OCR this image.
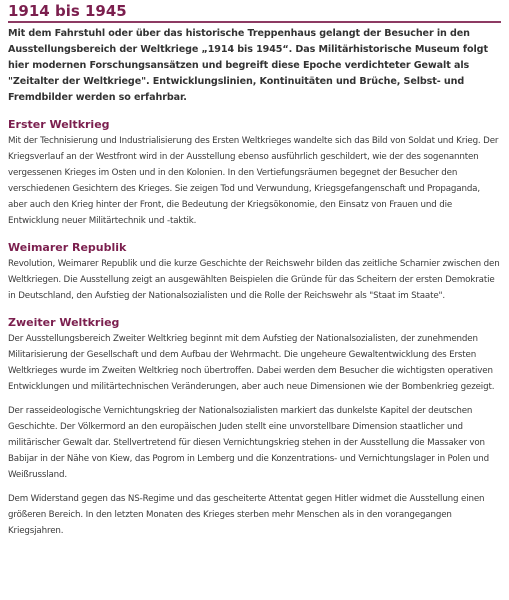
1914 bis 1945

Mit dem Fahrstuhl oder über das historische Treppenhaus gelangt der Besucher in den Ausstellungsbereich der Weltkriege „1914 bis 1945“. Das Militärhistorische Museum folgt hier modernen Forschungsansätzen und begreift diese Epoche verdichteter Gewalt als "Zeitalter der Weltkriege". Entwicklungslinien, Kontinuitäten und Brüche, Selbst- und Fremdbilder werden so erfahrbar.

Erster Weltkrieg

Mit der Technisierung und Industrialisierung des Ersten Weltkrieges wandelte sich das Bild von Soldat und Krieg. Der Kriegsverlauf an der Westfront wird in der Ausstellung ebenso ausführlich geschildert, wie der des sogenannten vergessenen Krieges im Osten und in den Kolonien. In den Vertiefungsräumen begegnet der Besucher den verschiedenen Gesichtern des Krieges. Sie zeigen Tod und Verwundung, Kriegsgefangenschaft und Propaganda, aber auch den Krieg hinter der Front, die Bedeutung der Kriegsökonomie, den Einsatz von Frauen und die Entwicklung neuer Militärtechnik und -taktik.

Weimarer Republik

Revolution, Weimarer Republik und die kurze Geschichte der Reichswehr bilden das zeitliche Scharnier zwischen den Weltkriegen. Die Ausstellung zeigt an ausgewählten Beispielen die Gründe für das Scheitern der ersten Demokratie in Deutschland, den Aufstieg der Nationalsozialisten und die Rolle der Reichswehr als "Staat im Staate".

Zweiter Weltkrieg

Der Ausstellungsbereich Zweiter Weltkrieg beginnt mit dem Aufstieg der Nationalsozialisten, der zunehmenden Militarisierung der Gesellschaft und dem Aufbau der Wehrmacht. Die ungeheure Gewaltentwicklung des Ersten Weltkrieges wurde im Zweiten Weltkrieg noch übertroffen. Dabei werden dem Besucher die wichtigsten operativen Entwicklungen und militärtechnischen Veränderungen, aber auch neue Dimensionen wie der Bombenkrieg gezeigt.

Der rasseideologische Vernichtungskrieg der Nationalsozialisten markiert das dunkelste Kapitel der deutschen Geschichte. Der Völkermord an den europäischen Juden stellt eine unvorstellbare Dimension staatlicher und militärischer Gewalt dar. Stellvertretend für diesen Vernichtungskrieg stehen in der Ausstellung die Massaker von Babijar in der Nähe von Kiew, das Pogrom in Lemberg und die Konzentrations- und Vernichtungslager in Polen und Weißrussland.

Dem Widerstand gegen das NS-Regime und das gescheiterte Attentat gegen Hitler widmet die Ausstellung einen größeren Bereich. In den letzten Monaten des Krieges sterben mehr Menschen als in den vorangegangen Kriegsjahren.
